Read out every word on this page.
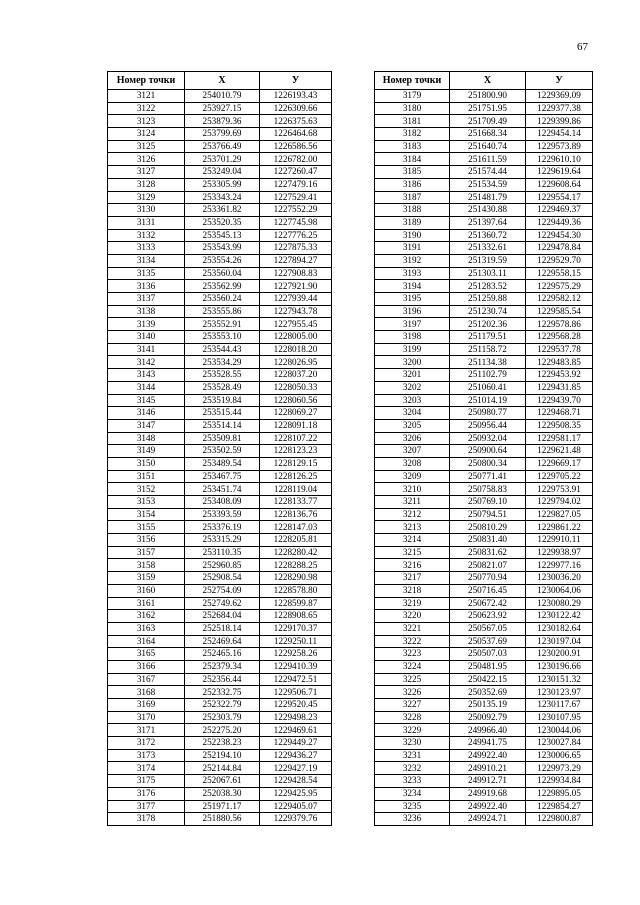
67
Номер точки	X	У
3121	254010.79	1226193.43
3122	253927.15	1226309.66
3123	253879.36	1226375.63
3124	253799.69	1226464.68
3125	253766.49	1226586.56
3126	253701.29	1226782.00
3127	253249.04	1227260.47
3128	253305.99	1227479.16
3129	253343.24	1227529.41
3130	253361.82	1227552.29
3131	253520.35	1227745.98
3132	253545.13	1227776.25
3133	253543.99	1227875.33
3134	253554.26	1227894.27
3135	253560.04	1227908.83
3136	253562.99	1227921.90
3137	253560.24	1227939.44
3138	253555.86	1227943.78
3139	253552.91	1227955.45
3140	253553.10	1228005.00
3141	253544.43	1228018.20
3142	253534.29	1228026.95
3143	253528.55	1228037.20
3144	253528.49	1228050.33
3145	253519.84	1228060.56
3146	253515.44	1228069.27
3147	253514.14	1228091.18
3148	253509.81	1228107.22
3149	253502.59	1228123.23
3150	253489.54	1228129.15
3151	253467.75	1228126.25
3152	253451.74	1228119.04
3153	253408.09	1228133.77
3154	253393.59	1228136.76
3155	253376.19	1228147.03
3156	253315.29	1228205.81
3157	253110.35	1228280.42
3158	252960.85	1228288.25
3159	252908.54	1228290.98
3160	252754.09	1228578.80
3161	252749.62	1228599.87
3162	252684.04	1228908.65
3163	252518.14	1229170.37
3164	252469.64	1229250.11
3165	252465.16	1229258.26
3166	252379.34	1229410.39
3167	252356.44	1229472.51
3168	252332.75	1229506.71
3169	252322.79	1229520.45
3170	252303.79	1229498.23
3171	252275.20	1229469.61
3172	252238.23	1229449.27
3173	252194.10	1229436.27
3174	252144.84	1229427.19
3175	252067.61	1229428.54
3176	252038.30	1229425.95
3177	251971.17	1229405.07
3178	251880.56	1229379.76
Номер точки	X	У
3179	251800.90	1229369.09
3180	251751.95	1229377.38
3181	251709.49	1229399.86
3182	251668.34	1229454.14
3183	251640.74	1229573.89
3184	251611.59	1229610.10
3185	251574.44	1229619.64
3186	251534.59	1229608.64
3187	251481.79	1229554.17
3188	251430.88	1229469.37
3189	251397.64	1229449.36
3190	251360.72	1229454.30
3191	251332.61	1229478.84
3192	251319.59	1229529.70
3193	251303.11	1229558.15
3194	251283.52	1229575.29
3195	251259.88	1229582.12
3196	251230.74	1229585.54
3197	251202.36	1229578.86
3198	251179.51	1229568.28
3199	251158.72	1229537.78
3200	251134.38	1229483.85
3201	251102.79	1229453.92
3202	251060.41	1229431.85
3203	251014.19	1229439.70
3204	250980.77	1229468.71
3205	250956.44	1229508.35
3206	250932.04	1229581.17
3207	250900.64	1229621.48
3208	250800.34	1229669.17
3209	250771.41	1229705.22
3210	250758.83	1229753.91
3211	250769.10	1229794.02
3212	250794.51	1229827.05
3213	250810.29	1229861.22
3214	250831.40	1229910.11
3215	250831.62	1229938.97
3216	250821.07	1229977.16
3217	250770.94	1230036.20
3218	250716.45	1230064.06
3219	250672.42	1230080.29
3220	250623.92	1230122.42
3221	250567.05	1230182.64
3222	250537.69	1230197.04
3223	250507.03	1230200.91
3224	250481.95	1230196.66
3225	250422.15	1230151.32
3226	250352.69	1230123.97
3227	250135.19	1230117.67
3228	250092.79	1230107.95
3229	249966.40	1230044.06
3230	249941.75	1230027.84
3231	249922.40	1230006.65
3232	249910.21	1229973.29
3233	249912.71	1229934.84
3234	249919.68	1229895.05
3235	249922.40	1229854.27
3236	249924.71	1229800.87
